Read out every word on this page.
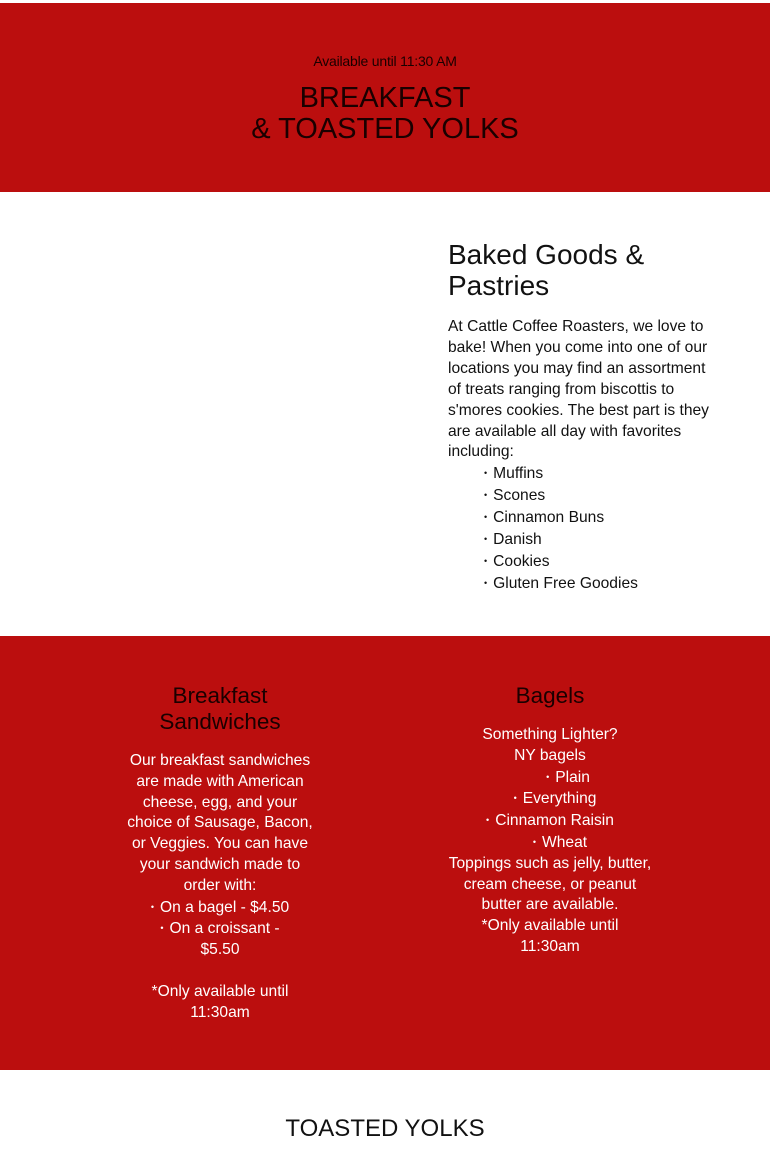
Available until 11:30 AM
BREAKFAST
& TOASTED YOLKS
Baked Goods & Pastries

At Cattle Coffee Roasters, we love to bake! When you come into one of our locations you may find an assortment of treats ranging from biscottis to s'mores cookies. The best part is they are available all day with favorites including:

• Muffins
• Scones
• Cinnamon Buns
• Danish
• Cookies
• Gluten Free Goodies
Breakfast Sandwiches
Our breakfast sandwiches are made with American cheese, egg, and your choice of Sausage, Bacon, or Veggies. You can have your sandwich made to order with:
• On a bagel - $4.50
• On a croissant - $5.50
*Only available until 11:30am
Bagels
Something Lighter?
NY bagels
• Plain
• Everything
• Cinnamon Raisin
• Wheat
Toppings such as jelly, butter, cream cheese, or peanut butter are available.
*Only available until 11:30am
TOASTED YOLKS
